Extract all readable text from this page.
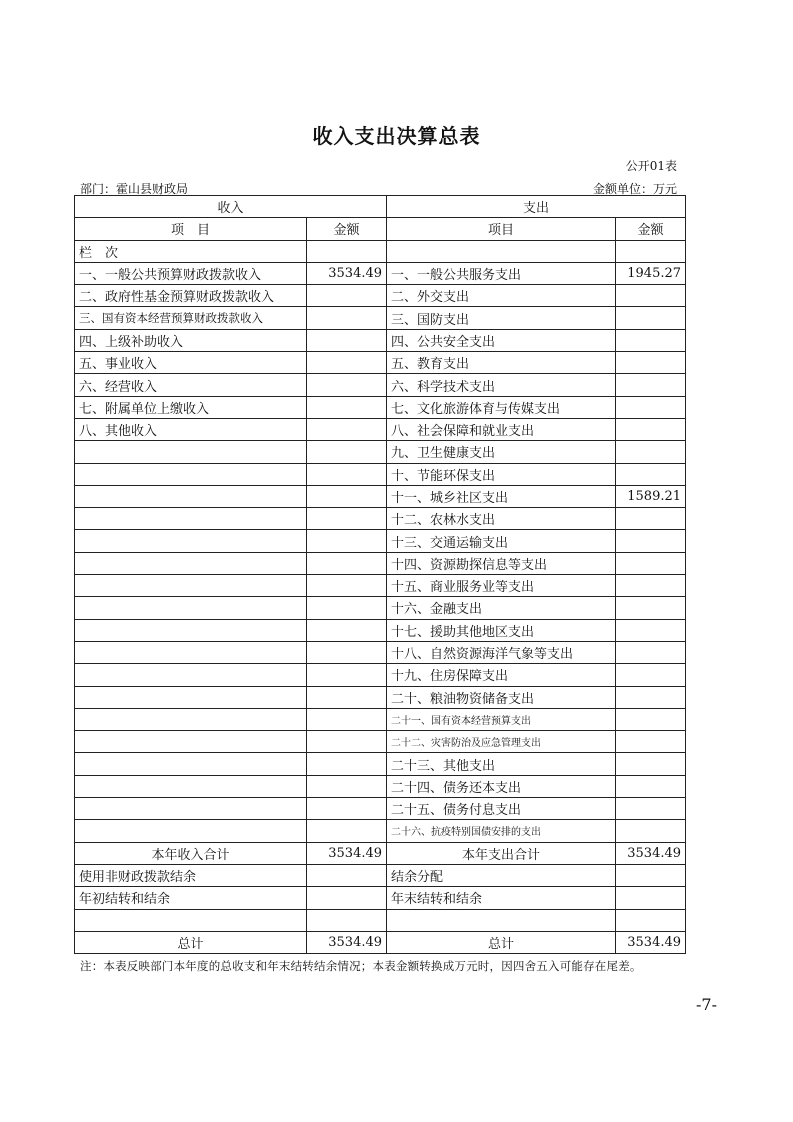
收入支出决算总表
公开01表
部门：霍山县财政局	金额单位：万元
收入		支出	
项　目	金额	项目	金额
栏　次			
一、一般公共预算财政拨款收入	3534.49	一、一般公共服务支出	1945.27
二、政府性基金预算财政拨款收入		二、外交支出	
三、国有资本经营预算财政拨款收入		三、国防支出	
四、上级补助收入		四、公共安全支出	
五、事业收入		五、教育支出	
六、经营收入		六、科学技术支出	
七、附属单位上缴收入		七、文化旅游体育与传媒支出	
八、其他收入		八、社会保障和就业支出	
		九、卫生健康支出	
		十、节能环保支出	
		十一、城乡社区支出	1589.21
		十二、农林水支出	
		十三、交通运输支出	
		十四、资源勘探信息等支出	
		十五、商业服务业等支出	
		十六、金融支出	
		十七、援助其他地区支出	
		十八、自然资源海洋气象等支出	
		十九、住房保障支出	
		二十、粮油物资储备支出	
		二十一、国有资本经营预算支出	
		二十二、灾害防治及应急管理支出	
		二十三、其他支出	
		二十四、债务还本支出	
		二十五、债务付息支出	
		二十六、抗疫特别国债安排的支出	
本年收入合计	3534.49	本年支出合计	3534.49
使用非财政拨款结余		结余分配	
年初结转和结余		年末结转和结余	

总计	3534.49	总计	3534.49
注：本表反映部门本年度的总收支和年末结转结余情况；本表金额转换成万元时，因四舍五入可能存在尾差。
-7-
